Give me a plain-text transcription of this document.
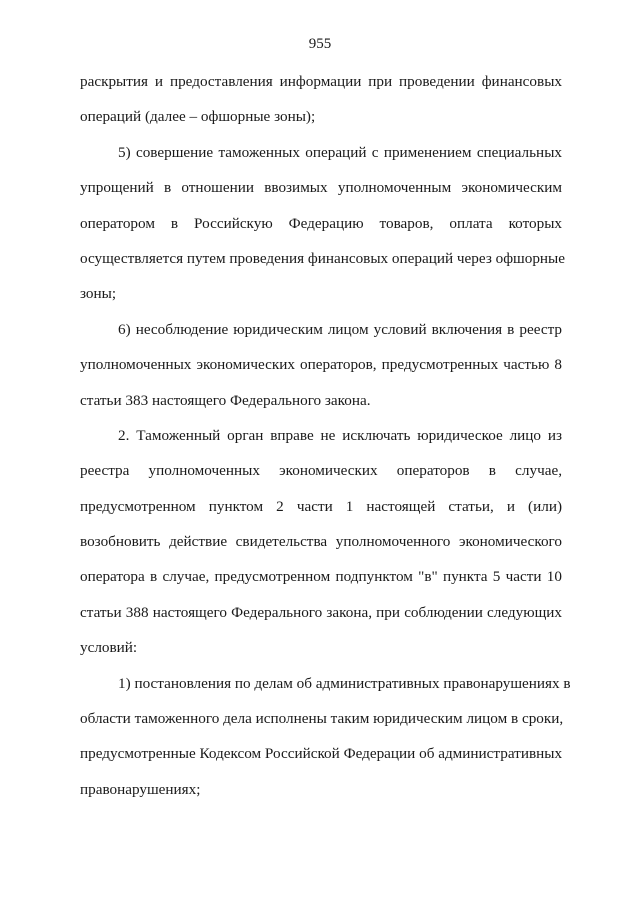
955
раскрытия и предоставления информации при проведении финансовых
операций (далее – офшорные зоны);
5) совершение таможенных операций с применением специальных
упрощений в отношении ввозимых уполномоченным экономическим
оператором в Российскую Федерацию товаров, оплата которых
осуществляется путем проведения финансовых операций через офшорные
зоны;
6) несоблюдение юридическим лицом условий включения в реестр
уполномоченных экономических операторов, предусмотренных частью 8
статьи 383 настоящего Федерального закона.
2. Таможенный орган вправе не исключать юридическое лицо из
реестра уполномоченных экономических операторов в случае,
предусмотренном пунктом 2 части 1 настоящей статьи, и (или)
возобновить действие свидетельства уполномоченного экономического
оператора в случае, предусмотренном подпунктом "в" пункта 5 части 10
статьи 388 настоящего Федерального закона, при соблюдении следующих
условий:
1) постановления по делам об административных правонарушениях в
области таможенного дела исполнены таким юридическим лицом в сроки,
предусмотренные Кодексом Российской Федерации об административных
правонарушениях;
